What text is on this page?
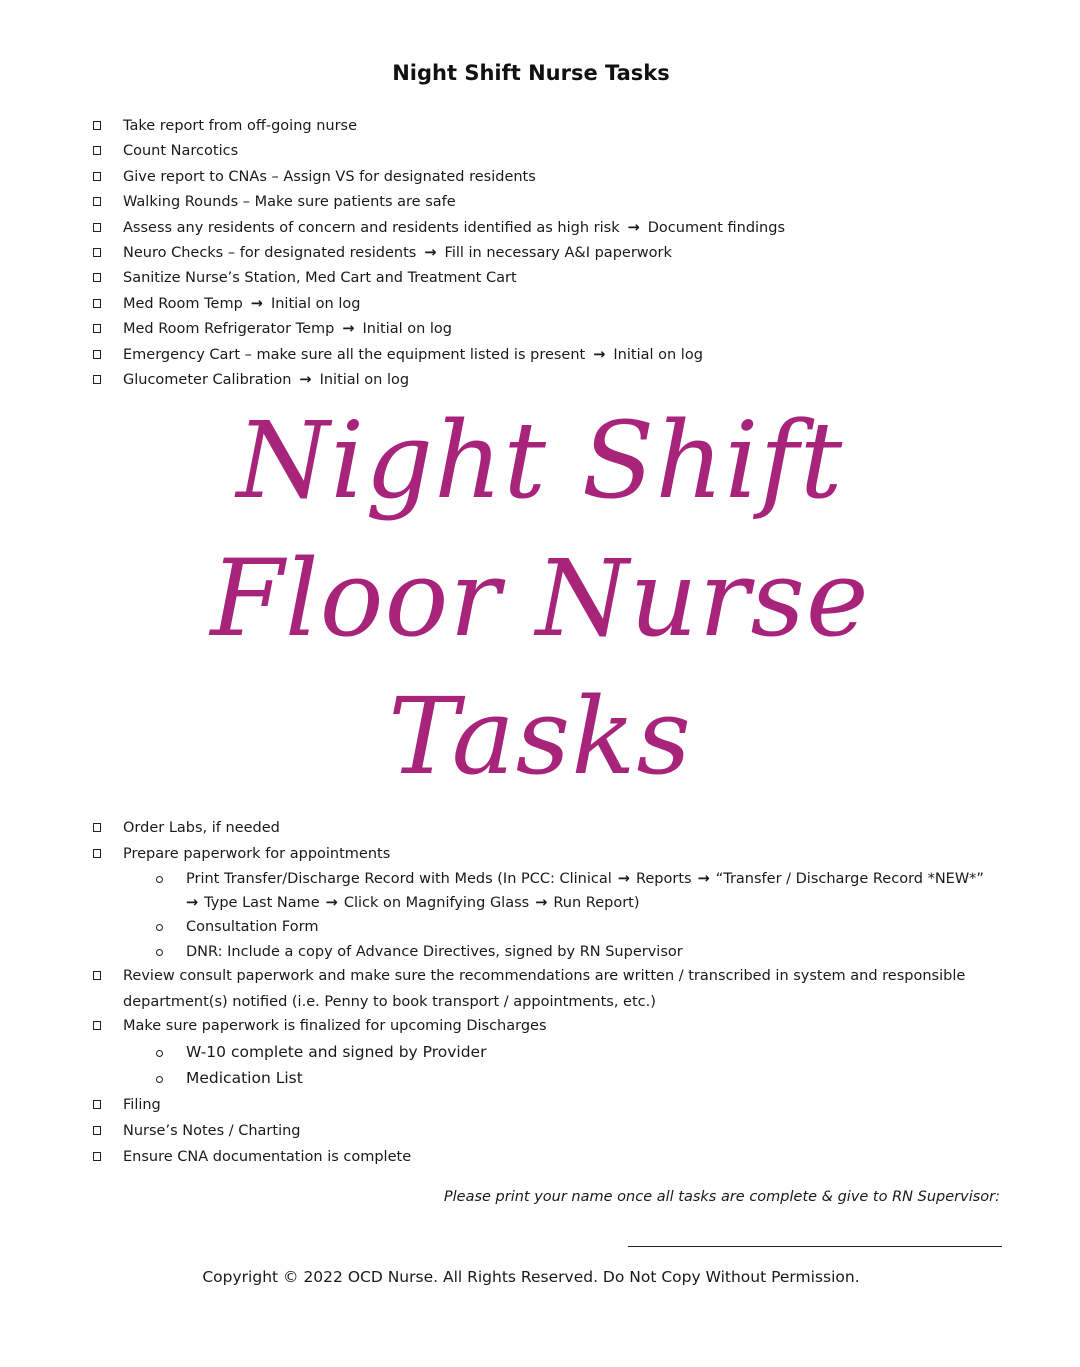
Night Shift Nurse Tasks
Take report from off-going nurse
Count Narcotics
Give report to CNAs – Assign VS for designated residents
Walking Rounds – Make sure patients are safe
Assess any residents of concern and residents identified as high risk → Document findings
Neuro Checks – for designated residents → Fill in necessary A&I paperwork
Sanitize Nurse’s Station, Med Cart and Treatment Cart
Med Room Temp → Initial on log
Med Room Refrigerator Temp → Initial on log
Emergency Cart – make sure all the equipment listed is present → Initial on log
Glucometer Calibration → Initial on log
Night Shift
Floor Nurse
Tasks
Order Labs, if needed
Prepare paperwork for appointments
Print Transfer/Discharge Record with Meds (In PCC: Clinical → Reports → “Transfer / Discharge Record *NEW*”
→ Type Last Name → Click on Magnifying Glass → Run Report)
Consultation Form
DNR: Include a copy of Advance Directives, signed by RN Supervisor
Review consult paperwork and make sure the recommendations are written / transcribed in system and responsible
department(s) notified (i.e. Penny to book transport / appointments, etc.)
Make sure paperwork is finalized for upcoming Discharges
W-10 complete and signed by Provider
Medication List
Filing
Nurse’s Notes / Charting
Ensure CNA documentation is complete
Please print your name once all tasks are complete & give to RN Supervisor:
Copyright © 2022 OCD Nurse. All Rights Reserved. Do Not Copy Without Permission.
